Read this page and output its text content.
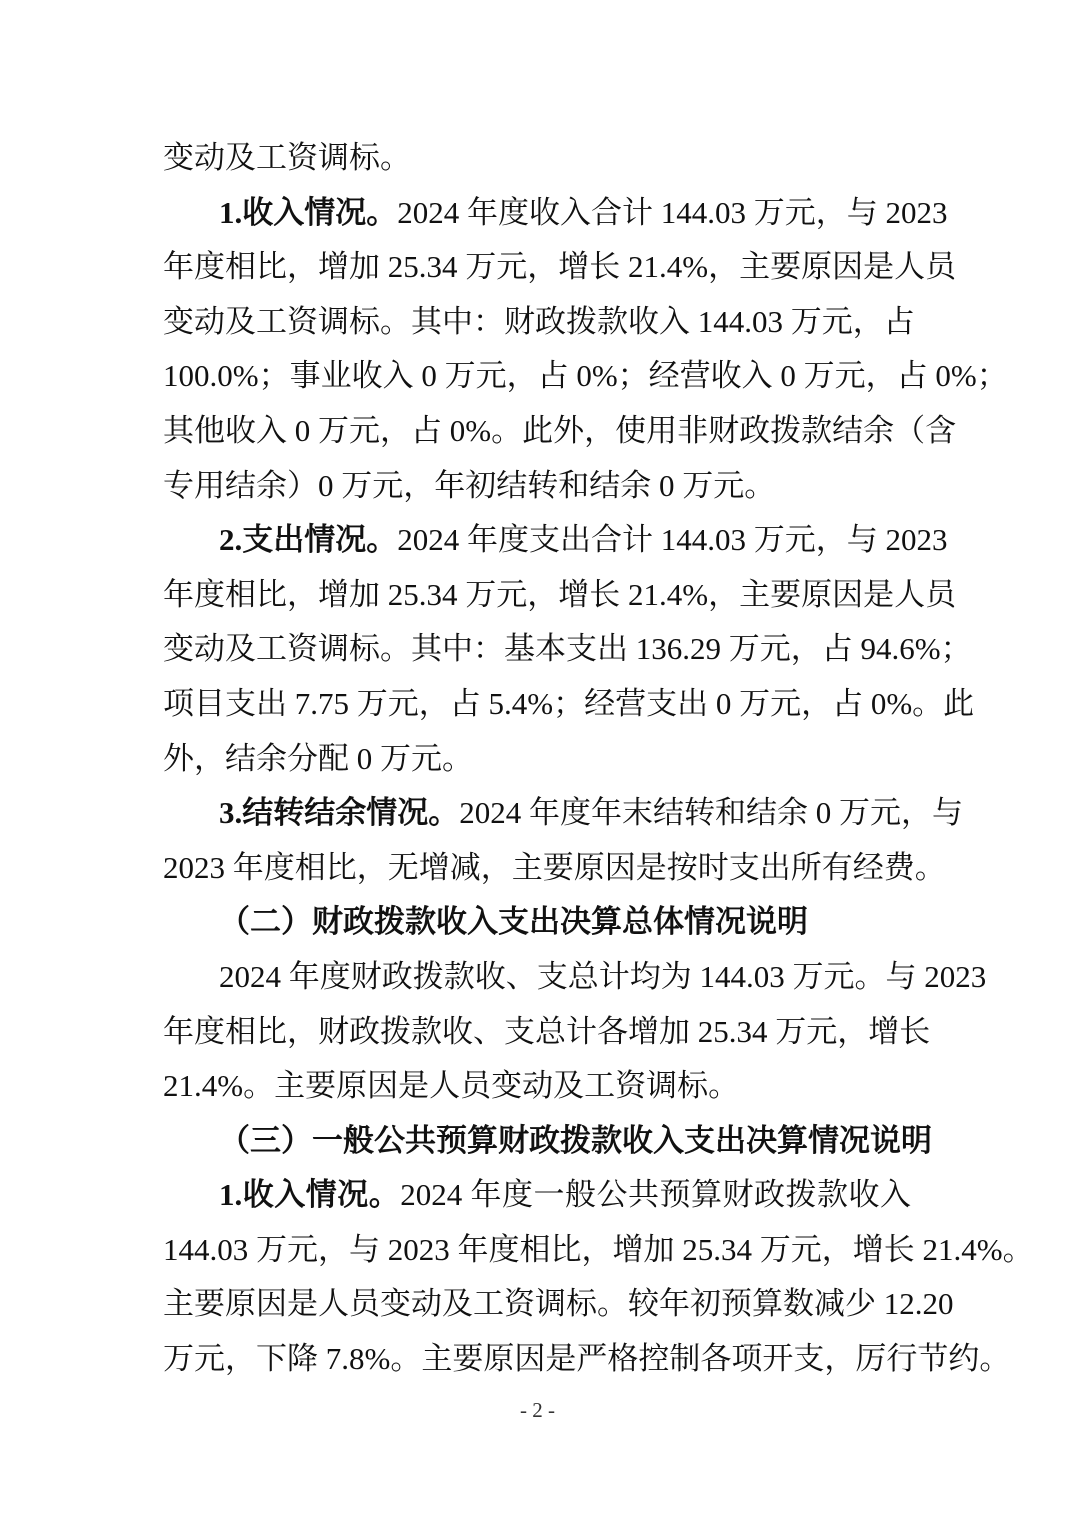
变动及工资调标。
1.收入情况。2024 年度收入合计 144.03 万元，与 2023
年度相比，增加 25.34 万元，增长 21.4%，主要原因是人员
变动及工资调标。其中：财政拨款收入 144.03 万元，占
100.0%；事业收入 0 万元，占 0%；经营收入 0 万元，占 0%；
其他收入 0 万元，占 0%。此外，使用非财政拨款结余（含
专用结余）0 万元，年初结转和结余 0 万元。
2.支出情况。2024 年度支出合计 144.03 万元，与 2023
年度相比，增加 25.34 万元，增长 21.4%，主要原因是人员
变动及工资调标。其中：基本支出 136.29 万元，占 94.6%；
项目支出 7.75 万元，占 5.4%；经营支出 0 万元，占 0%。此
外，结余分配 0 万元。
3.结转结余情况。2024 年度年末结转和结余 0 万元，与
2023 年度相比，无增减，主要原因是按时支出所有经费。
（二）财政拨款收入支出决算总体情况说明
2024 年度财政拨款收、支总计均为 144.03 万元。与 2023
年度相比，财政拨款收、支总计各增加 25.34 万元，增长
21.4%。主要原因是人员变动及工资调标。
（三）一般公共预算财政拨款收入支出决算情况说明
1.收入情况。2024 年度一般公共预算财政拨款收入
144.03 万元，与 2023 年度相比，增加 25.34 万元，增长 21.4%。
主要原因是人员变动及工资调标。较年初预算数减少 12.20
万元，下降 7.8%。主要原因是严格控制各项开支，厉行节约。
- 2 -
